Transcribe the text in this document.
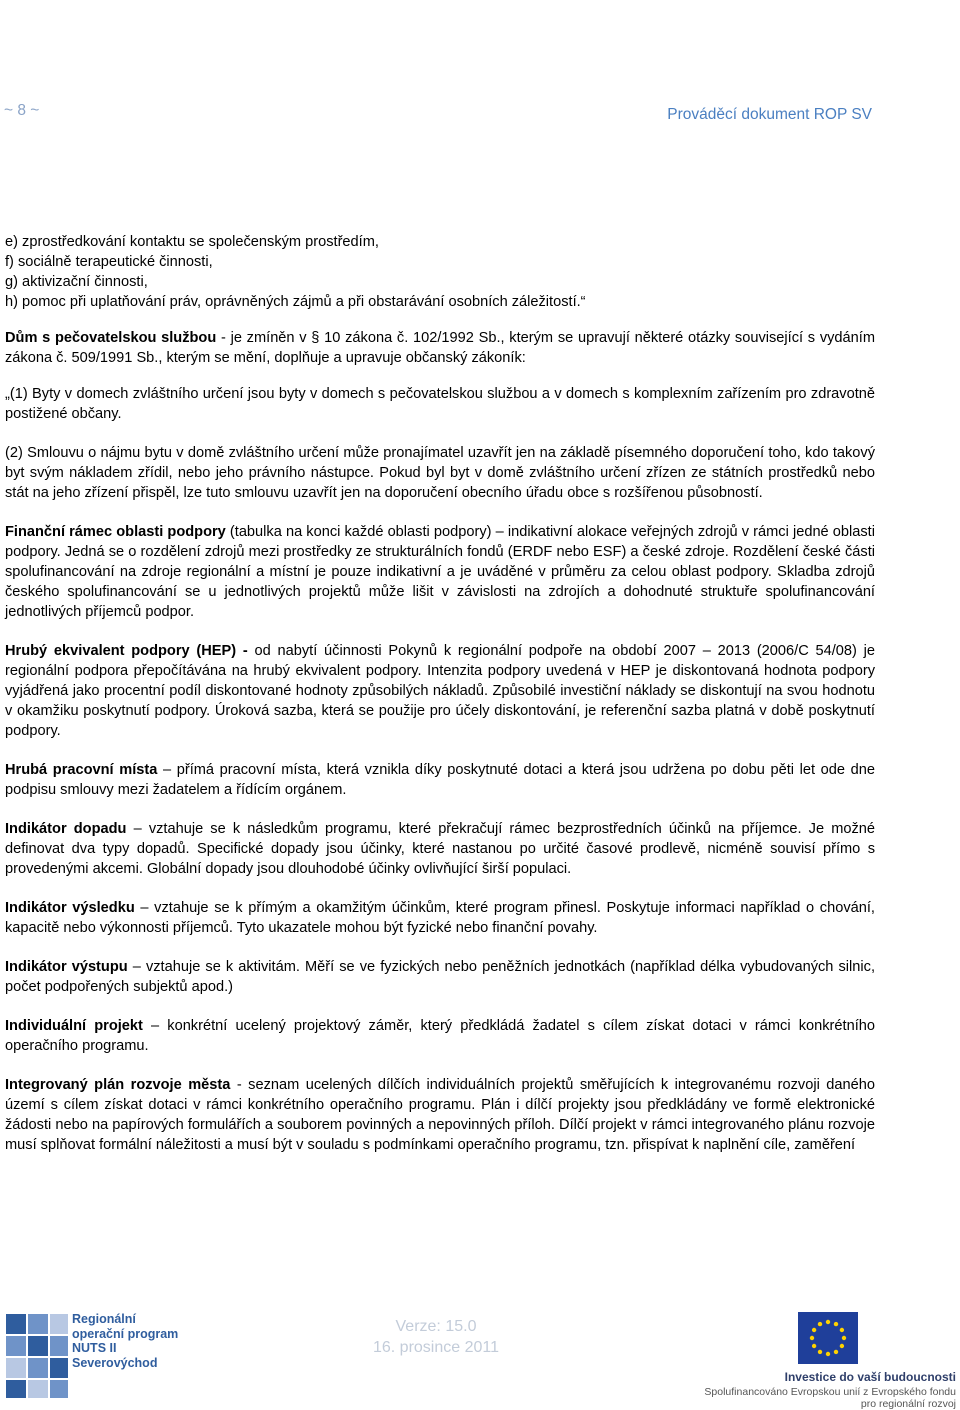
~ 8 ~	Prováděcí dokument ROP SV

e) zprostředkování kontaktu se společenským prostředím,

f) sociálně terapeutické činnosti,

g) aktivizační činnosti,

h) pomoc při uplatňování práv, oprávněných zájmů a při obstarávání osobních záležitostí.“

Dům s pečovatelskou službou - je zmíněn v § 10 zákona č. 102/1992 Sb., kterým se upravují některé otázky související s vydáním zákona č. 509/1991 Sb., kterým se mění, doplňuje a upravuje občanský zákoník:

„(1) Byty v domech zvláštního určení jsou byty v domech s pečovatelskou službou a v domech s komplexním zařízením pro zdravotně postižené občany.

(2) Smlouvu o nájmu bytu v domě zvláštního určení může pronajímatel uzavřít jen na základě písemného doporučení toho, kdo takový byt svým nákladem zřídil, nebo jeho právního nástupce. Pokud byl byt v domě zvláštního určení zřízen ze státních prostředků nebo stát na jeho zřízení přispěl, lze tuto smlouvu uzavřít jen na doporučení obecního úřadu obce s rozšířenou působností.

Finanční rámec oblasti podpory (tabulka na konci každé oblasti podpory) – indikativní alokace veřejných zdrojů v rámci jedné oblasti podpory. Jedná se o rozdělení zdrojů mezi prostředky ze strukturálních fondů (ERDF nebo ESF) a české zdroje. Rozdělení české části spolufinancování na zdroje regionální a místní je pouze indikativní a je uváděné v průměru za celou oblast podpory. Skladba zdrojů českého spolufinancování se u jednotlivých projektů může lišit v závislosti na zdrojích a dohodnuté struktuře spolufinancování jednotlivých příjemců podpor.

Hrubý ekvivalent podpory (HEP) - od nabytí účinnosti Pokynů k regionální podpoře na období 2007 – 2013 (2006/C 54/08) je regionální podpora přepočítávána na hrubý ekvivalent podpory. Intenzita podpory uvedená v HEP je diskontovaná hodnota podpory vyjádřená jako procentní podíl diskontované hodnoty způsobilých nákladů. Způsobilé investiční náklady se diskontují na svou hodnotu v okamžiku poskytnutí podpory. Úroková sazba, která se použije pro účely diskontování, je referenční sazba platná v době poskytnutí podpory.

Hrubá pracovní místa – přímá pracovní místa, která vznikla díky poskytnuté dotaci a která jsou udržena po dobu pěti let ode dne podpisu smlouvy mezi žadatelem a řídícím orgánem.

Indikátor dopadu – vztahuje se k následkům programu, které překračují rámec bezprostředních účinků na příjemce. Je možné definovat dva typy dopadů. Specifické dopady jsou účinky, které nastanou po určité časové prodlevě, nicméně souvisí přímo s provedenými akcemi. Globální dopady jsou dlouhodobé účinky ovlivňující širší populaci.

Indikátor výsledku – vztahuje se k přímým a okamžitým účinkům, které program přinesl. Poskytuje informaci například o chování, kapacitě nebo výkonnosti příjemců. Tyto ukazatele mohou být fyzické nebo finanční povahy.

Indikátor výstupu – vztahuje se k aktivitám. Měří se ve fyzických nebo peněžních jednotkách (například délka vybudovaných silnic, počet podpořených subjektů apod.)

Individuální projekt – konkrétní ucelený projektový záměr, který předkládá žadatel s cílem získat dotaci v rámci konkrétního operačního programu.

Integrovaný plán rozvoje města - seznam ucelených dílčích individuálních projektů směřujících k integrovanému rozvoji daného území s cílem získat dotaci v rámci konkrétního operačního programu. Plán i dílčí projekty jsou předkládány ve formě elektronické žádosti nebo na papírových formulářích a souborem povinných a nepovinných příloh. Dílčí projekt v rámci integrovaného plánu rozvoje musí splňovat formální náležitosti a musí být v souladu s podmínkami operačního programu, tzn. přispívat k naplnění cíle, zaměření

Regionální
operační program
NUTS II Severovýchod
Verze: 15.0
16. prosince 2011
Investice do vaší budoucnosti
Spolufinancováno Evropskou unií z Evropského fondu pro regionální rozvoj
